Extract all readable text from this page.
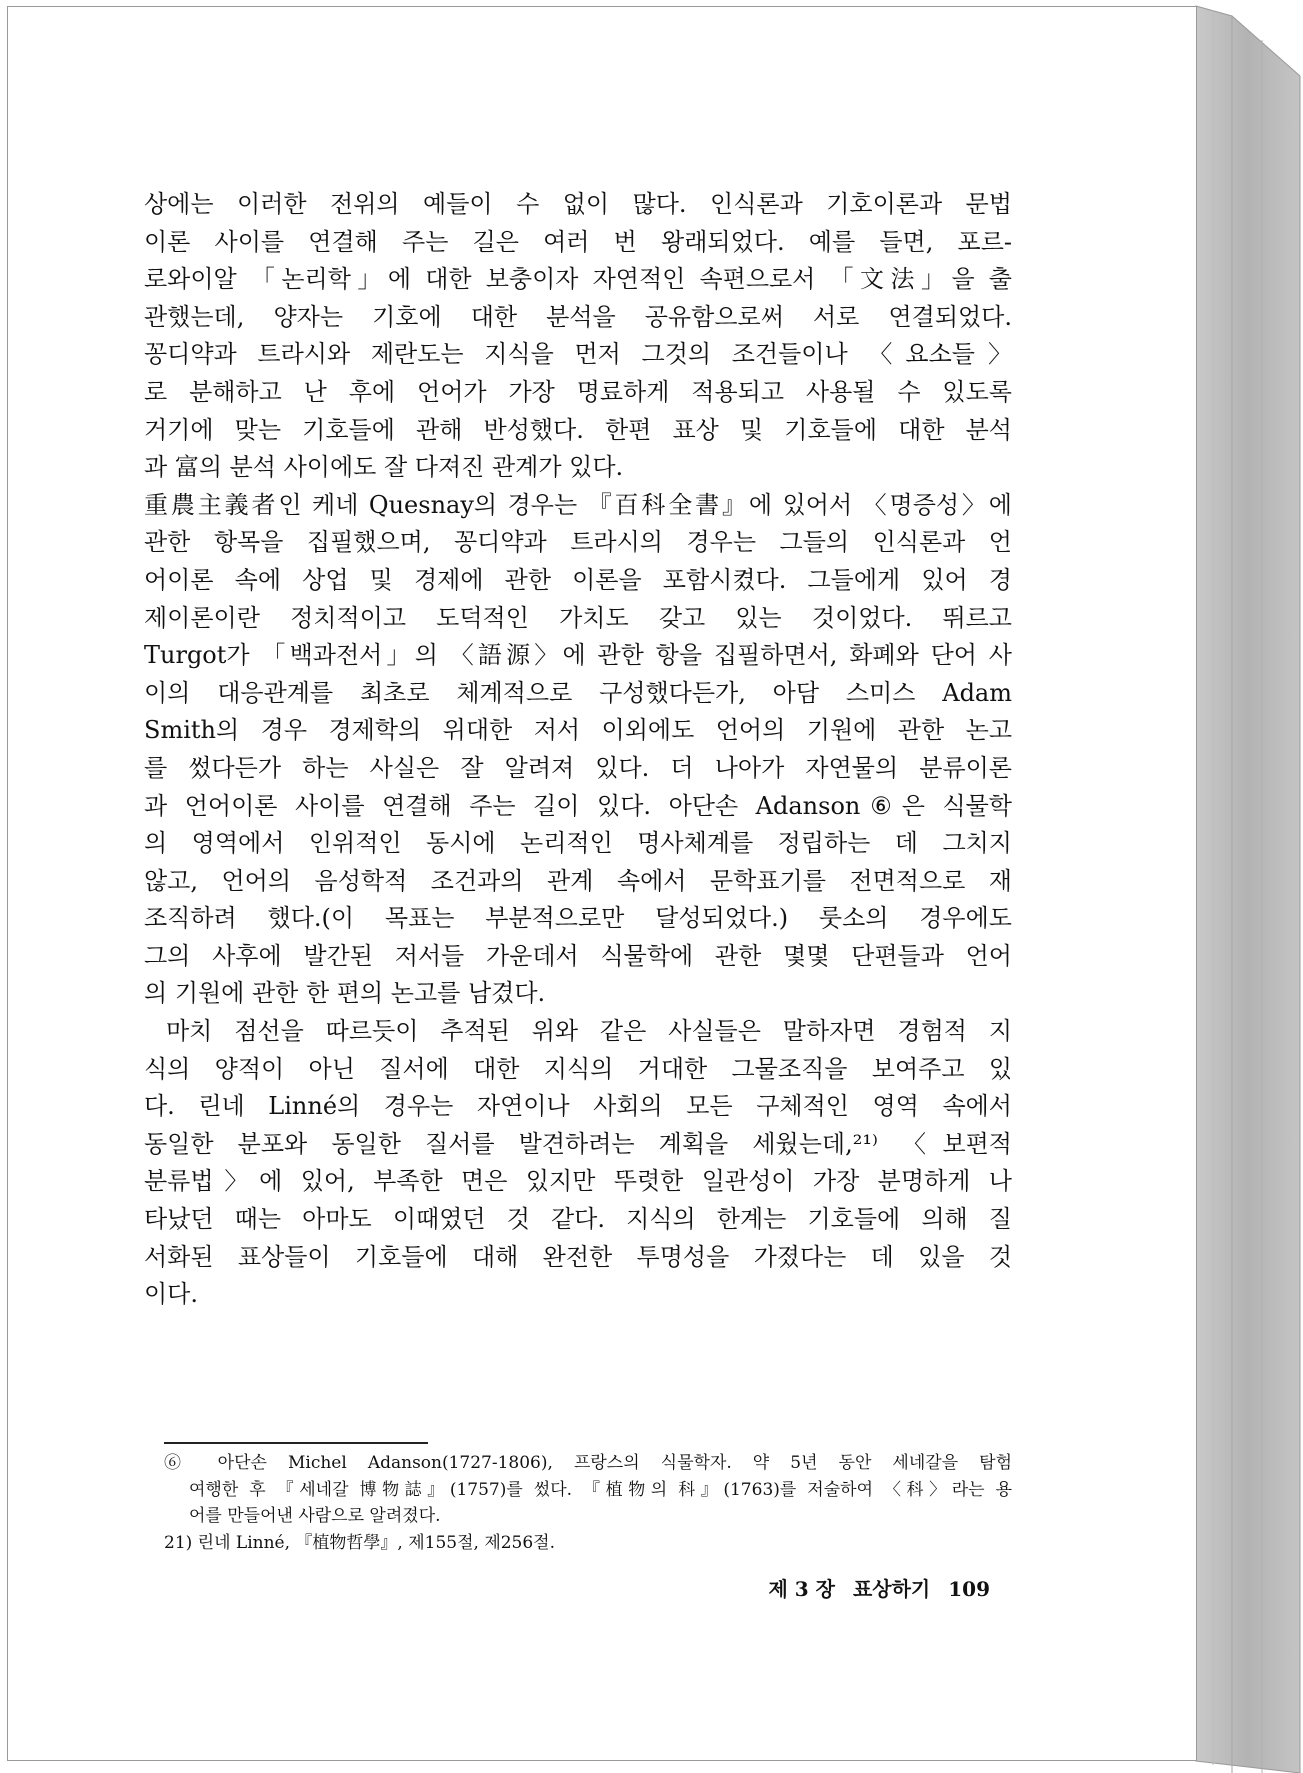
상에는 이러한 전위의 예들이 수 없이 많다. 인식론과 기호이론과 문법
이론 사이를 연결해 주는 길은 여러 번 왕래되었다. 예를 들면, 포르-
로와이알 「논리학」에 대한 보충이자 자연적인 속편으로서 「文法」을 출
관했는데, 양자는 기호에 대한 분석을 공유함으로써 서로 연결되었다.
꽁디약과 트라시와 제란도는 지식을 먼저 그것의 조건들이나 〈요소들〉
로 분해하고 난 후에 언어가 가장 명료하게 적용되고 사용될 수 있도록
거기에 맞는 기호들에 관해 반성했다. 한편 표상 및 기호들에 대한 분석
과 富의 분석 사이에도 잘 다져진 관계가 있다.
重農主義者인 케네 Quesnay의 경우는 『百科全書』에 있어서 〈명증성〉에
관한 항목을 집필했으며, 꽁디약과 트라시의 경우는 그들의 인식론과 언
어이론 속에 상업 및 경제에 관한 이론을 포함시켰다. 그들에게 있어 경
제이론이란 정치적이고 도덕적인 가치도 갖고 있는 것이었다. 뛰르고
Turgot가 「백과전서」의 〈語源〉에 관한 항을 집필하면서, 화폐와 단어 사
이의 대응관계를 최초로 체계적으로 구성했다든가, 아담 스미스 Adam
Smith의 경우 경제학의 위대한 저서 이외에도 언어의 기원에 관한 논고
를 썼다든가 하는 사실은 잘 알려져 있다. 더 나아가 자연물의 분류이론
과 언어이론 사이를 연결해 주는 길이 있다. 아단손 Adanson⑥은 식물학
의 영역에서 인위적인 동시에 논리적인 명사체계를 정립하는 데 그치지
않고, 언어의 음성학적 조건과의 관계 속에서 문학표기를 전면적으로 재
조직하려 했다.(이 목표는 부분적으로만 달성되었다.) 룻소의 경우에도
그의 사후에 발간된 저서들 가운데서 식물학에 관한 몇몇 단편들과 언어
의 기원에 관한 한 편의 논고를 남겼다.
마치 점선을 따르듯이 추적된 위와 같은 사실들은 말하자면 경험적 지
식의 양적이 아닌 질서에 대한 지식의 거대한 그물조직을 보여주고 있
다. 린네 Linné의 경우는 자연이나 사회의 모든 구체적인 영역 속에서
동일한 분포와 동일한 질서를 발견하려는 계획을 세웠는데,²¹⁾ 〈보편적
분류법〉에 있어, 부족한 면은 있지만 뚜렷한 일관성이 가장 분명하게 나
타났던 때는 아마도 이때였던 것 같다. 지식의 한계는 기호들에 의해 질
서화된 표상들이 기호들에 대해 완전한 투명성을 가졌다는 데 있을 것
이다.
⑥ 아단손 Michel Adanson(1727-1806), 프랑스의 식물학자. 약 5년 동안 세네갈을 탐험
여행한 후 『세네갈 博物誌』(1757)를 썼다. 『植物의 科』(1763)를 저술하여 〈科〉라는 용
어를 만들어낸 사람으로 알려졌다.
21) 린네 Linné, 『植物哲學』, 제155절, 제256절.
제 3 장 표상하기 109
